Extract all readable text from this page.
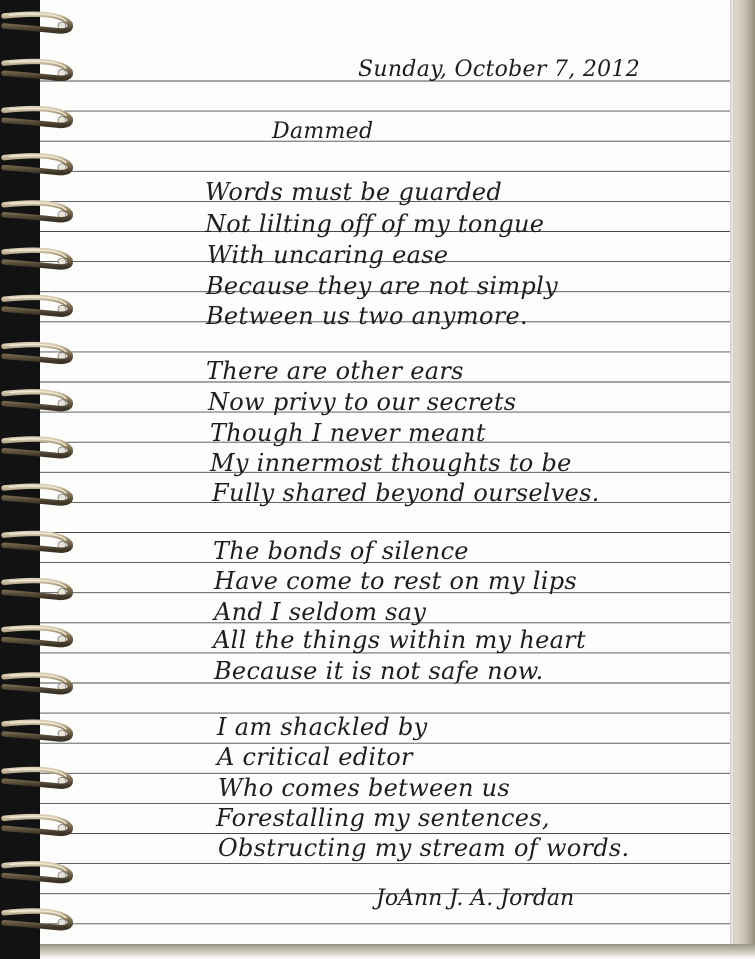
Sunday, October 7, 2012
Dammed
Words must be guarded
Not lilting off of my tongue
With uncaring ease
Because they are not simply
Between us two anymore.
There are other ears
Now privy to our secrets
Though I never meant
My innermost thoughts to be
Fully shared beyond ourselves.
The bonds of silence
Have come to rest on my lips
And I seldom say
All the things within my heart
Because it is not safe now.
I am shackled by
A critical editor
Who comes between us
Forestalling my sentences,
Obstructing my stream of words.
JoAnn J. A. Jordan
